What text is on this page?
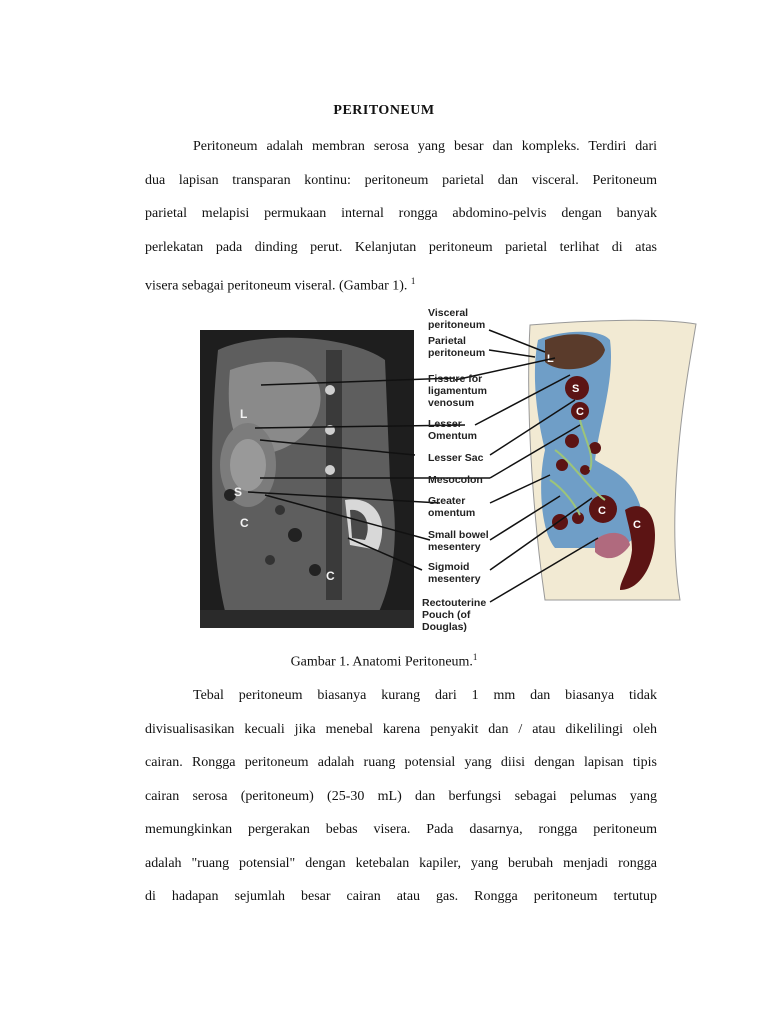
PERITONEUM
Peritoneum adalah membran serosa yang besar dan kompleks. Terdiri dari
dua lapisan transparan kontinu: peritoneum parietal dan visceral. Peritoneum
parietal melapisi permukaan internal rongga abdomino-pelvis dengan banyak
perlekatan pada dinding perut. Kelanjutan peritoneum parietal terlihat di atas
visera sebagai peritoneum viseral. (Gambar 1). $^1$
L
S
C
C
L
S
C
C
C
Visceral peritoneum
Parietal peritoneum
Fissure for ligamentum venosum
Lesser Omentum
Lesser Sac
Mesocolon
Greater omentum
Small bowel mesentery
Sigmoid mesentery
Rectouterine Pouch (of Douglas)
Gambar 1. Anatomi Peritoneum.$^1$
Tebal peritoneum biasanya kurang dari 1 mm dan biasanya tidak
divisualisasikan kecuali jika menebal karena penyakit dan / atau dikelilingi oleh
cairan. Rongga peritoneum adalah ruang potensial yang diisi dengan lapisan tipis
cairan serosa (peritoneum) (25-30 mL) dan berfungsi sebagai pelumas yang
memungkinkan pergerakan bebas visera. Pada dasarnya, rongga peritoneum
adalah "ruang potensial" dengan ketebalan kapiler, yang berubah menjadi rongga
di hadapan sejumlah besar cairan atau gas. Rongga peritoneum tertutup
